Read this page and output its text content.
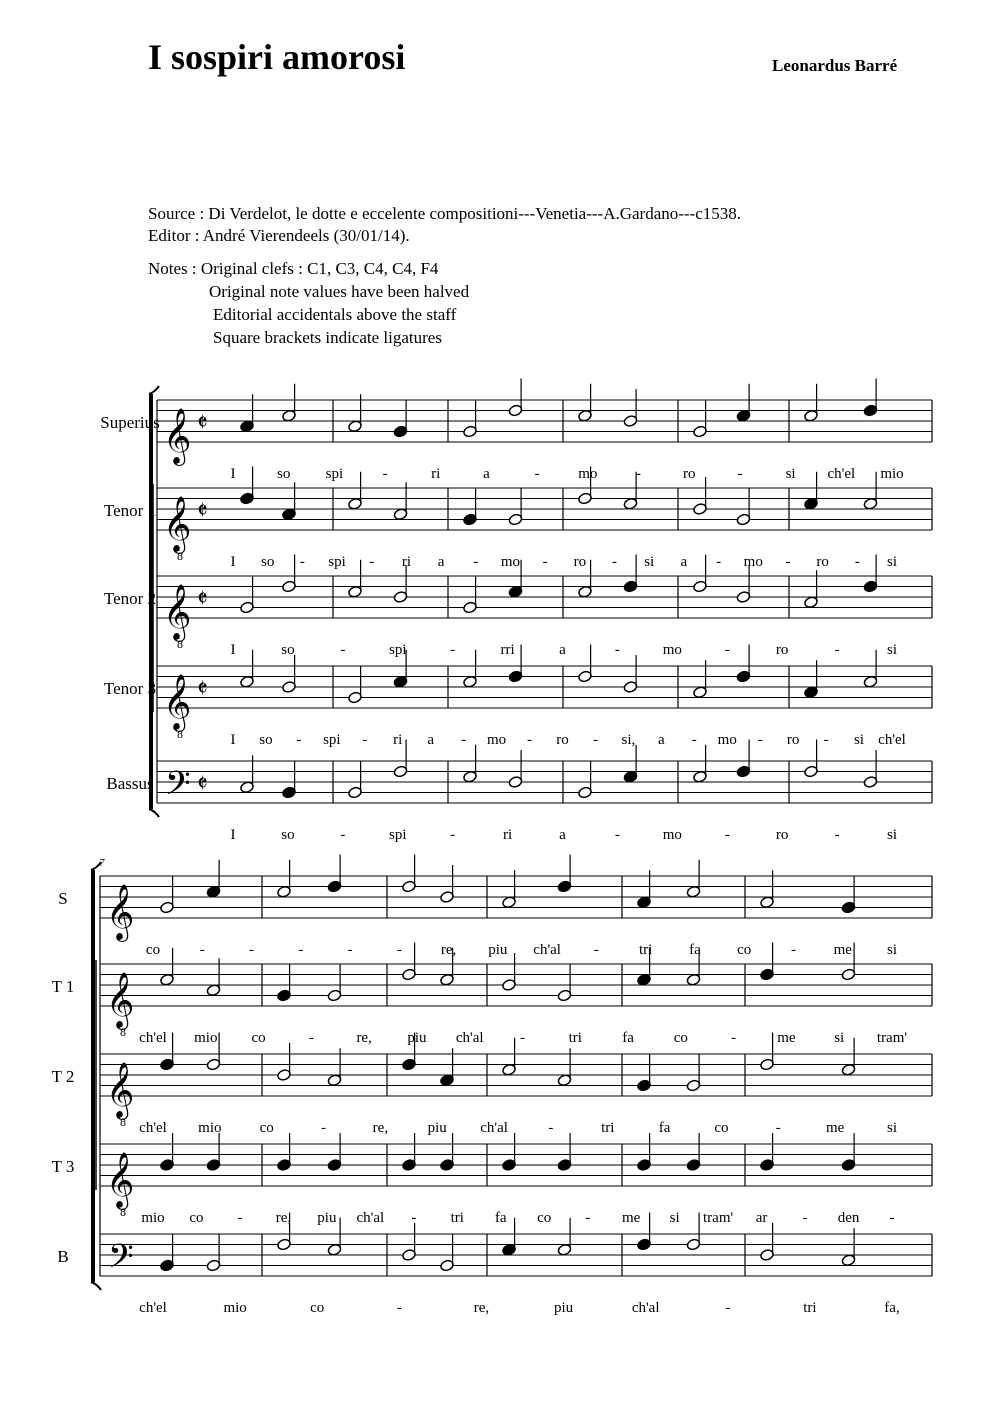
I sospiri amorosi	Leonardus Barré
Source : Di Verdelot, le dotte e eccelente compositioni---Venetia---A.Gardano---c1538.
Editor : André Vierendeels (30/01/14).
Notes : Original clefs : C1, C3, C4, C4, F4
Original note values have been halved
Editorial accidentals above the staff
Square brackets indicate ligatures
Superius 𝄞 𝄵
I	so spi	-	ri	a	-	mo	-	ro	-	si ch'el mio
Tenor 1 𝄞
8
𝄵
I so - spi - ri a - mo - ro - si a - mo - ro - si
Tenor 2 𝄞
8
𝄵
I	so	-	spi	-	rri	a	-	mo	-	ro	-	si
Tenor 3 𝄞
8
𝄵
I so - spi - ri a - mo - ro - si, a - mo - ro - si ch'el
Bassus 𝄢 𝄵
I	so	-	spi	-	ri	a	-	mo	-	ro	-	si
7
S 𝄞
co	-	-	-	-	-	re, piu ch'al -	tri fa co	-	me si
T 1 𝄞
8 ch'el mio co	-	re, piu ch'al -	tri	fa	co	-	me	si tram'
T 2 𝄞
8 ch'el mio	co	-	re,	piu ch'al	-	tri	fa	co	-	me	si
T 3 𝄞
8 mio co - re, piu ch'al - tri fa co - me si tram' ar - den -
B 𝄢
ch'el	mio	co	-	re,	piu	ch'al	-	tri	fa,
